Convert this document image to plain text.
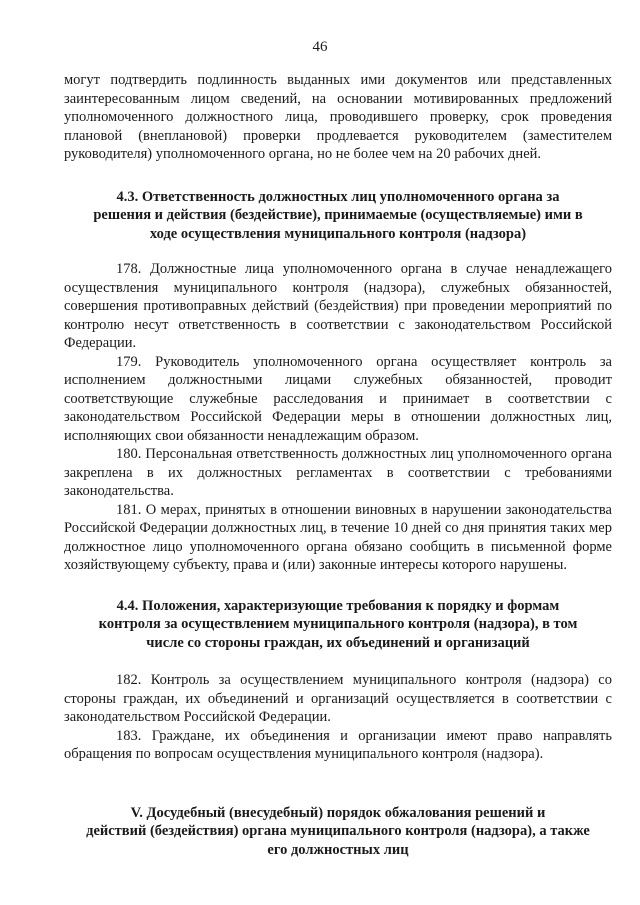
46

могут подтвердить подлинность выданных ими документов или представленных заинтересованным лицом сведений, на основании мотивированных предложений уполномоченного должностного лица, проводившего проверку, срок проведения плановой (внеплановой) проверки продлевается руководителем (заместителем руководителя) уполномоченного органа, но не более чем на 20 рабочих дней.

4.3. Ответственность должностных лиц уполномоченного органа за
решения и действия (бездействие), принимаемые (осуществляемые) ими в
ходе осуществления муниципального контроля (надзора)

178. Должностные лица уполномоченного органа в случае ненадлежащего осуществления муниципального контроля (надзора), служебных обязанностей, совершения противоправных действий (бездействия) при проведении мероприятий по контролю несут ответственность в соответствии с законодательством Российской Федерации.

179. Руководитель уполномоченного органа осуществляет контроль за исполнением должностными лицами служебных обязанностей, проводит соответствующие служебные расследования и принимает в соответствии с законодательством Российской Федерации меры в отношении должностных лиц, исполняющих свои обязанности ненадлежащим образом.

180. Персональная ответственность должностных лиц уполномоченного органа закреплена в их должностных регламентах в соответствии с требованиями законодательства.

181. О мерах, принятых в отношении виновных в нарушении законодательства Российской Федерации должностных лиц, в течение 10 дней со дня принятия таких мер должностное лицо уполномоченного органа обязано сообщить в письменной форме хозяйствующему субъекту, права и (или) законные интересы которого нарушены.

4.4. Положения, характеризующие требования к порядку и формам
контроля за осуществлением муниципального контроля (надзора), в том
числе со стороны граждан, их объединений и организаций

182. Контроль за осуществлением муниципального контроля (надзора) со стороны граждан, их объединений и организаций осуществляется в соответствии с законодательством Российской Федерации.

183. Граждане, их объединения и организации имеют право направлять обращения по вопросам осуществления муниципального контроля (надзора).

V. Досудебный (внесудебный) порядок обжалования решений и
действий (бездействия) органа муниципального контроля (надзора), а также
его должностных лиц
